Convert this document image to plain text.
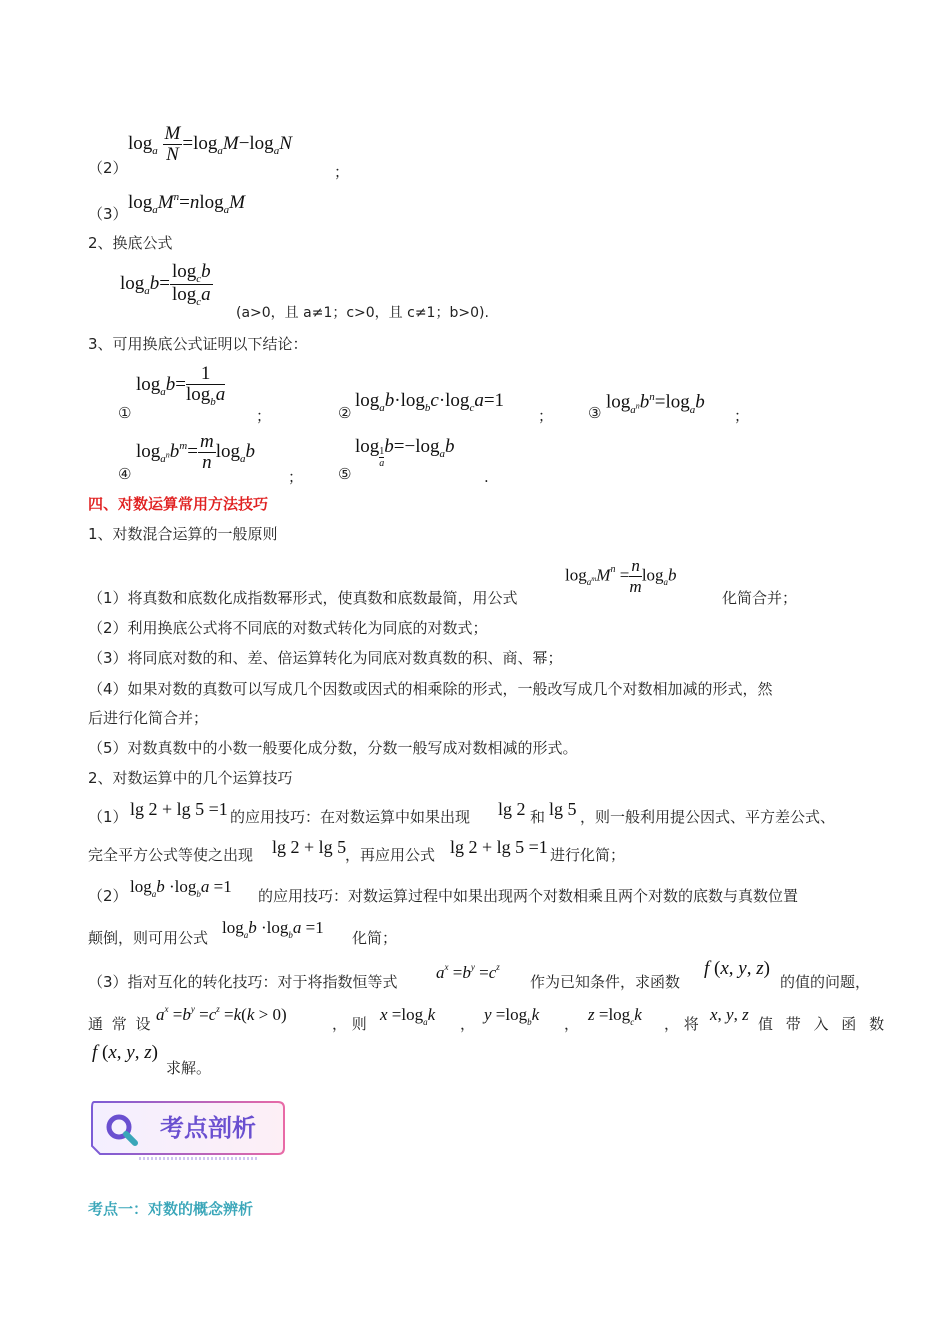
（2）
$\log_a \frac{M}{N} =\log_aM-\log_aN$
；
（3）
$\log_aM^n=nlog_aM$
2、换底公式
$\log_ab= \frac{\log_cb}{\log_ca}$
(a>0，且 a≠1；c>0，且 c≠1；b>0).
3、可用换底公式证明以下结论：
①
$\log_ab= \frac{1}{\log_ba}$
；	②
$\log_ab\cdot\log_bc\cdot\log_ca=1$
； ③
$\log_{a^n}b^n=\log_ab$
；
④
$\log_{a^n}b^m= \frac{m}{n} \log_ab$
； ⑤
$\log \frac{1}{a} b=-\log_ab$
.
四、对数运算常用方法技巧
1、对数混合运算的一般原则
（1）将真数和底数化成指数幂形式，使真数和底数最简，用公式
$\log_{a^m}M^n = \frac{n}{m} \log_ab$
化简合并；
（2）利用换底公式将不同底的对数式转化为同底的对数式；
（3）将同底对数的和、差、倍运算转化为同底对数真数的积、商、幂；
（4）如果对数的真数可以写成几个因数或因式的相乘除的形式，一般改写成几个对数相加减的形式，然
后进行化简合并；
（5）对数真数中的小数一般要化成分数，分数一般写成对数相减的形式。
2、对数运算中的几个运算技巧
（1） lg 2 + lg 5 =1 的应用技巧：在对数运算中如果出现 lg 2 和 lg 5 ，则一般利用提公因式、平方差公式、
完全平方公式等使之出现 lg 2 + lg 5
，再应用公式 lg 2 + lg 5 =1 进行化简；
（2） $\log_ab \cdot\log_ba =1$ 的应用技巧：对数运算过程中如果出现两个对数相乘且两个对数的底数与真数位置
颠倒，则可用公式
$\log_ab \cdot\log_ba =1$
化简；
（3）指对互化的转化技巧：对于将指数恒等式 $a^x =b^y =c^z$
作为已知条件，求函数
f (x, y, z)
的值的问题，
通 常 设 $a^x =b^y =c^z =k(k > 0)$	， 则 $x =\log_ak$ ， $y =\log_bk$ ， $z =\log_ck$ ， 将 x, y, z 值 带 入 函 数
f (x, y, z)
求解。
考点剖析
考点一：对数的概念辨析
